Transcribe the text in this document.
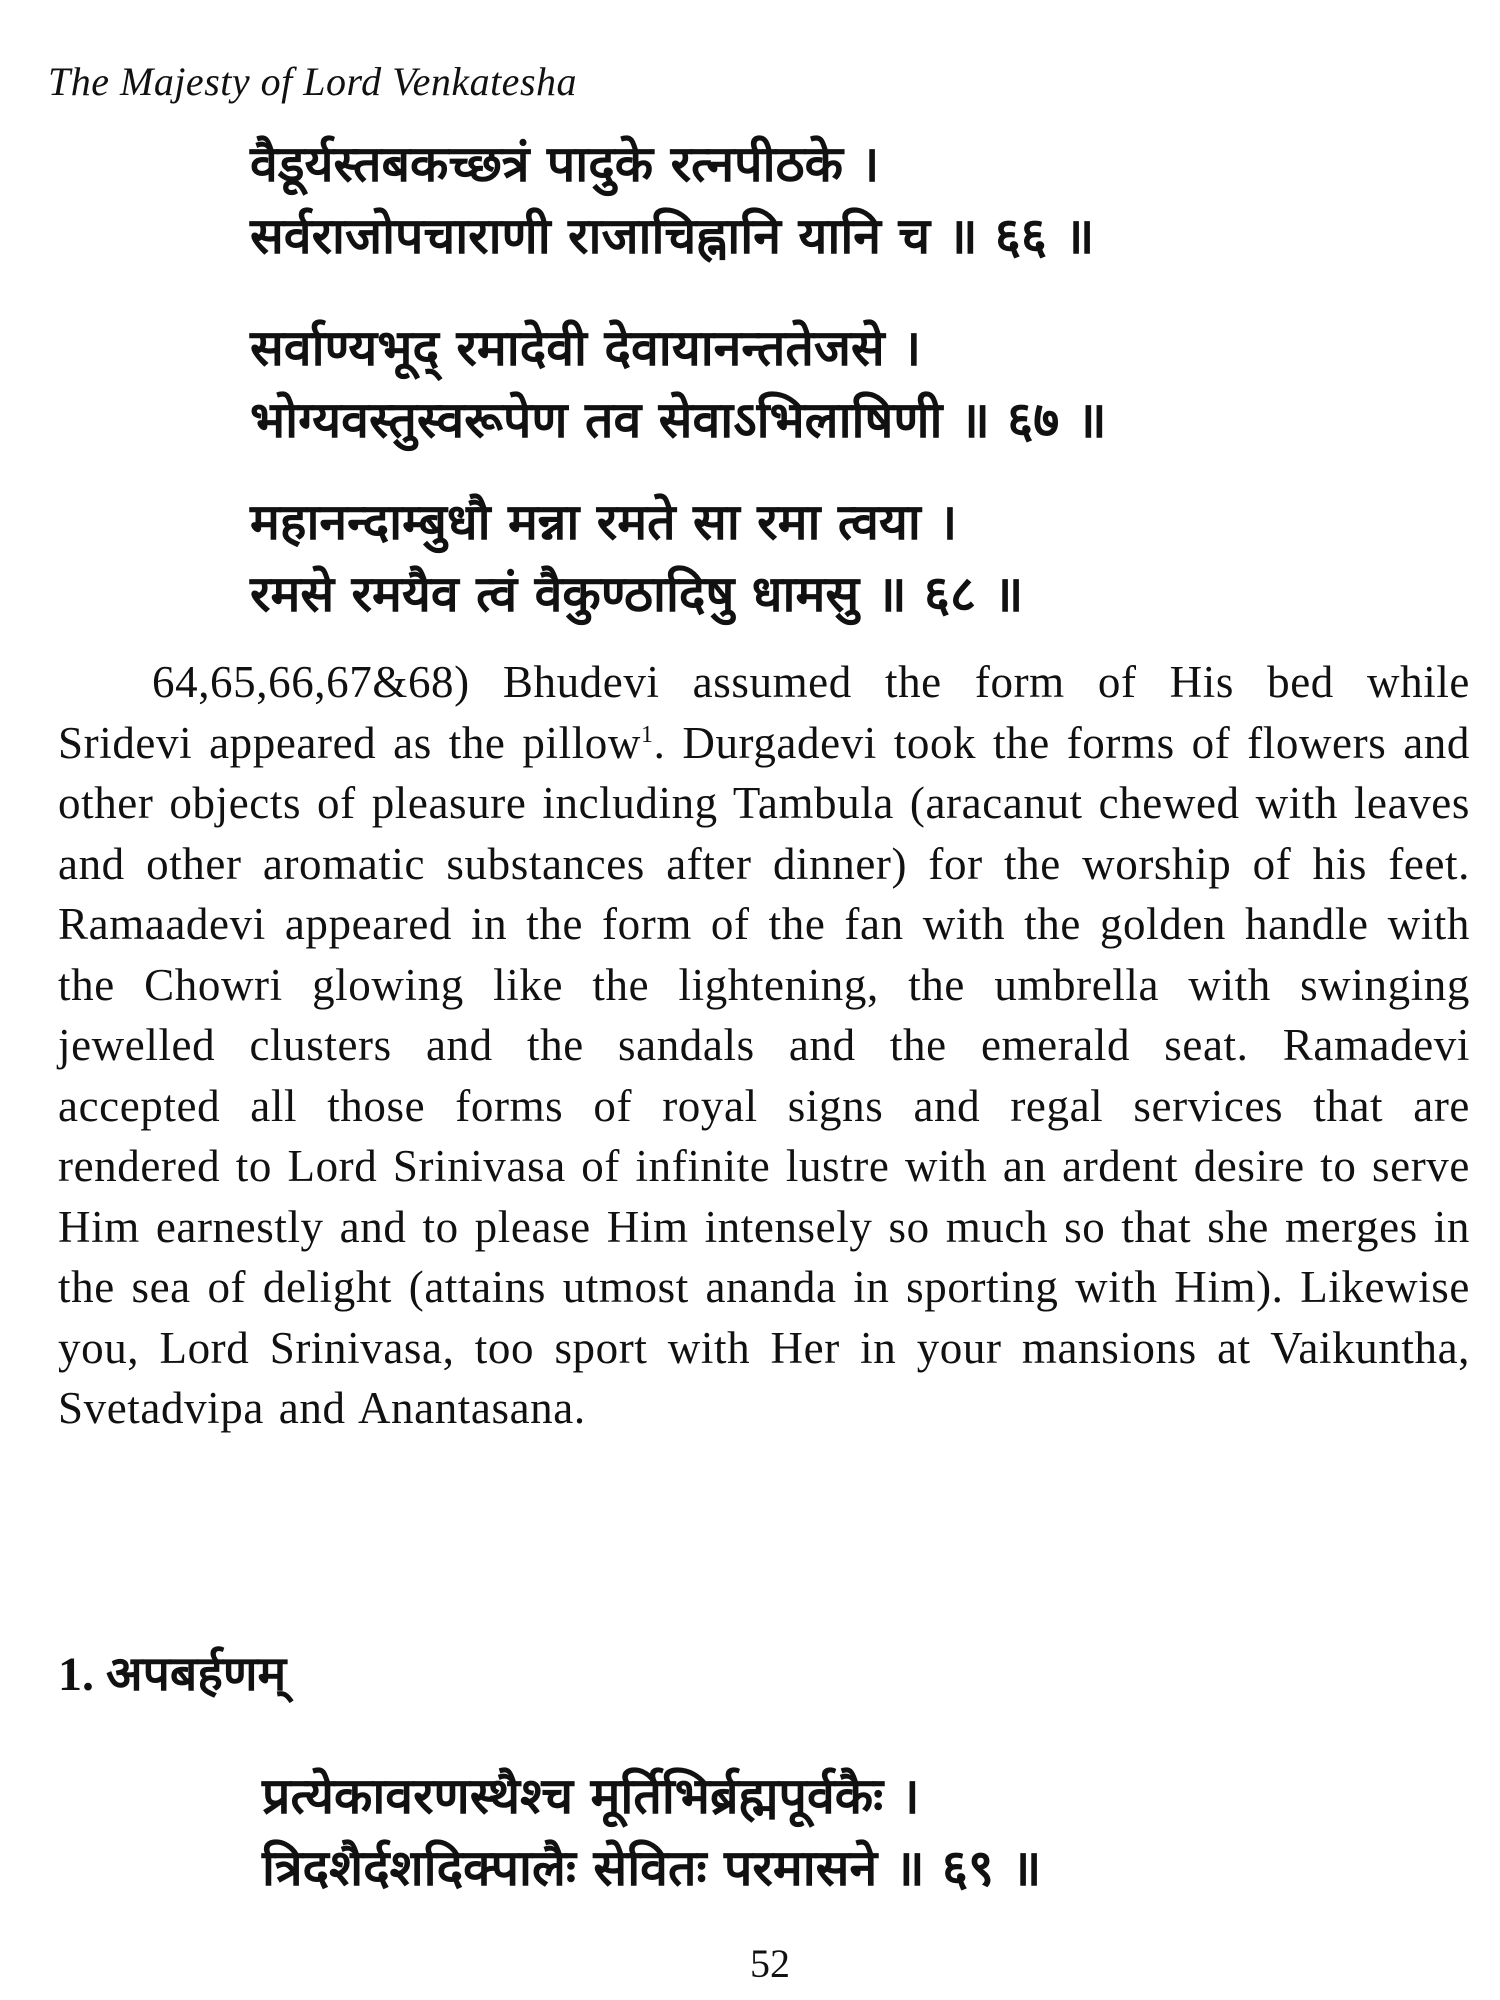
The Majesty of Lord Venkatesha
वैडूर्यस्तबकच्छत्रं पादुके रत्नपीठके ।
सर्वराजोपचाराणी राजाचिह्नानि यानि च ॥ ६६ ॥
सर्वाण्यभूद् रमादेवी देवायानन्ततेजसे ।
भोग्यवस्तुस्वरूपेण तव सेवाऽभिलाषिणी ॥ ६७ ॥
महानन्दाम्बुधौ मन्ना रमते सा रमा त्वया ।
रमसे रमयैव त्वं वैकुण्ठादिषु धामसु ॥ ६८ ॥

64,65,66,67&68) Bhudevi assumed the form of His bed while Sridevi appeared as the pillow$^1$. Durgadevi took the forms of flowers and other objects of pleasure including Tambula (aracanut chewed with leaves and other aromatic substances after dinner) for the worship of his feet. Ramaadevi appeared in the form of the fan with the golden handle with the Chowri glowing like the lightening, the umbrella with swinging jewelled clusters and the sandals and the emerald seat. Ramadevi accepted all those forms of royal signs and regal services that are rendered to Lord Srinivasa of infinite lustre with an ardent desire to serve Him earnestly and to please Him intensely so much so that she merges in the sea of delight (attains utmost ananda in sporting with Him). Likewise you, Lord Srinivasa, too sport with Her in your mansions at Vaikuntha, Svetadvipa and Anantasana.

1. अपबर्हणम्
प्रत्येकावरणस्थैश्च मूर्तिभिर्ब्रह्मपूर्वकैः ।
त्रिदशैर्दशदिक्पालैः सेवितः परमासने ॥ ६९ ॥
52
